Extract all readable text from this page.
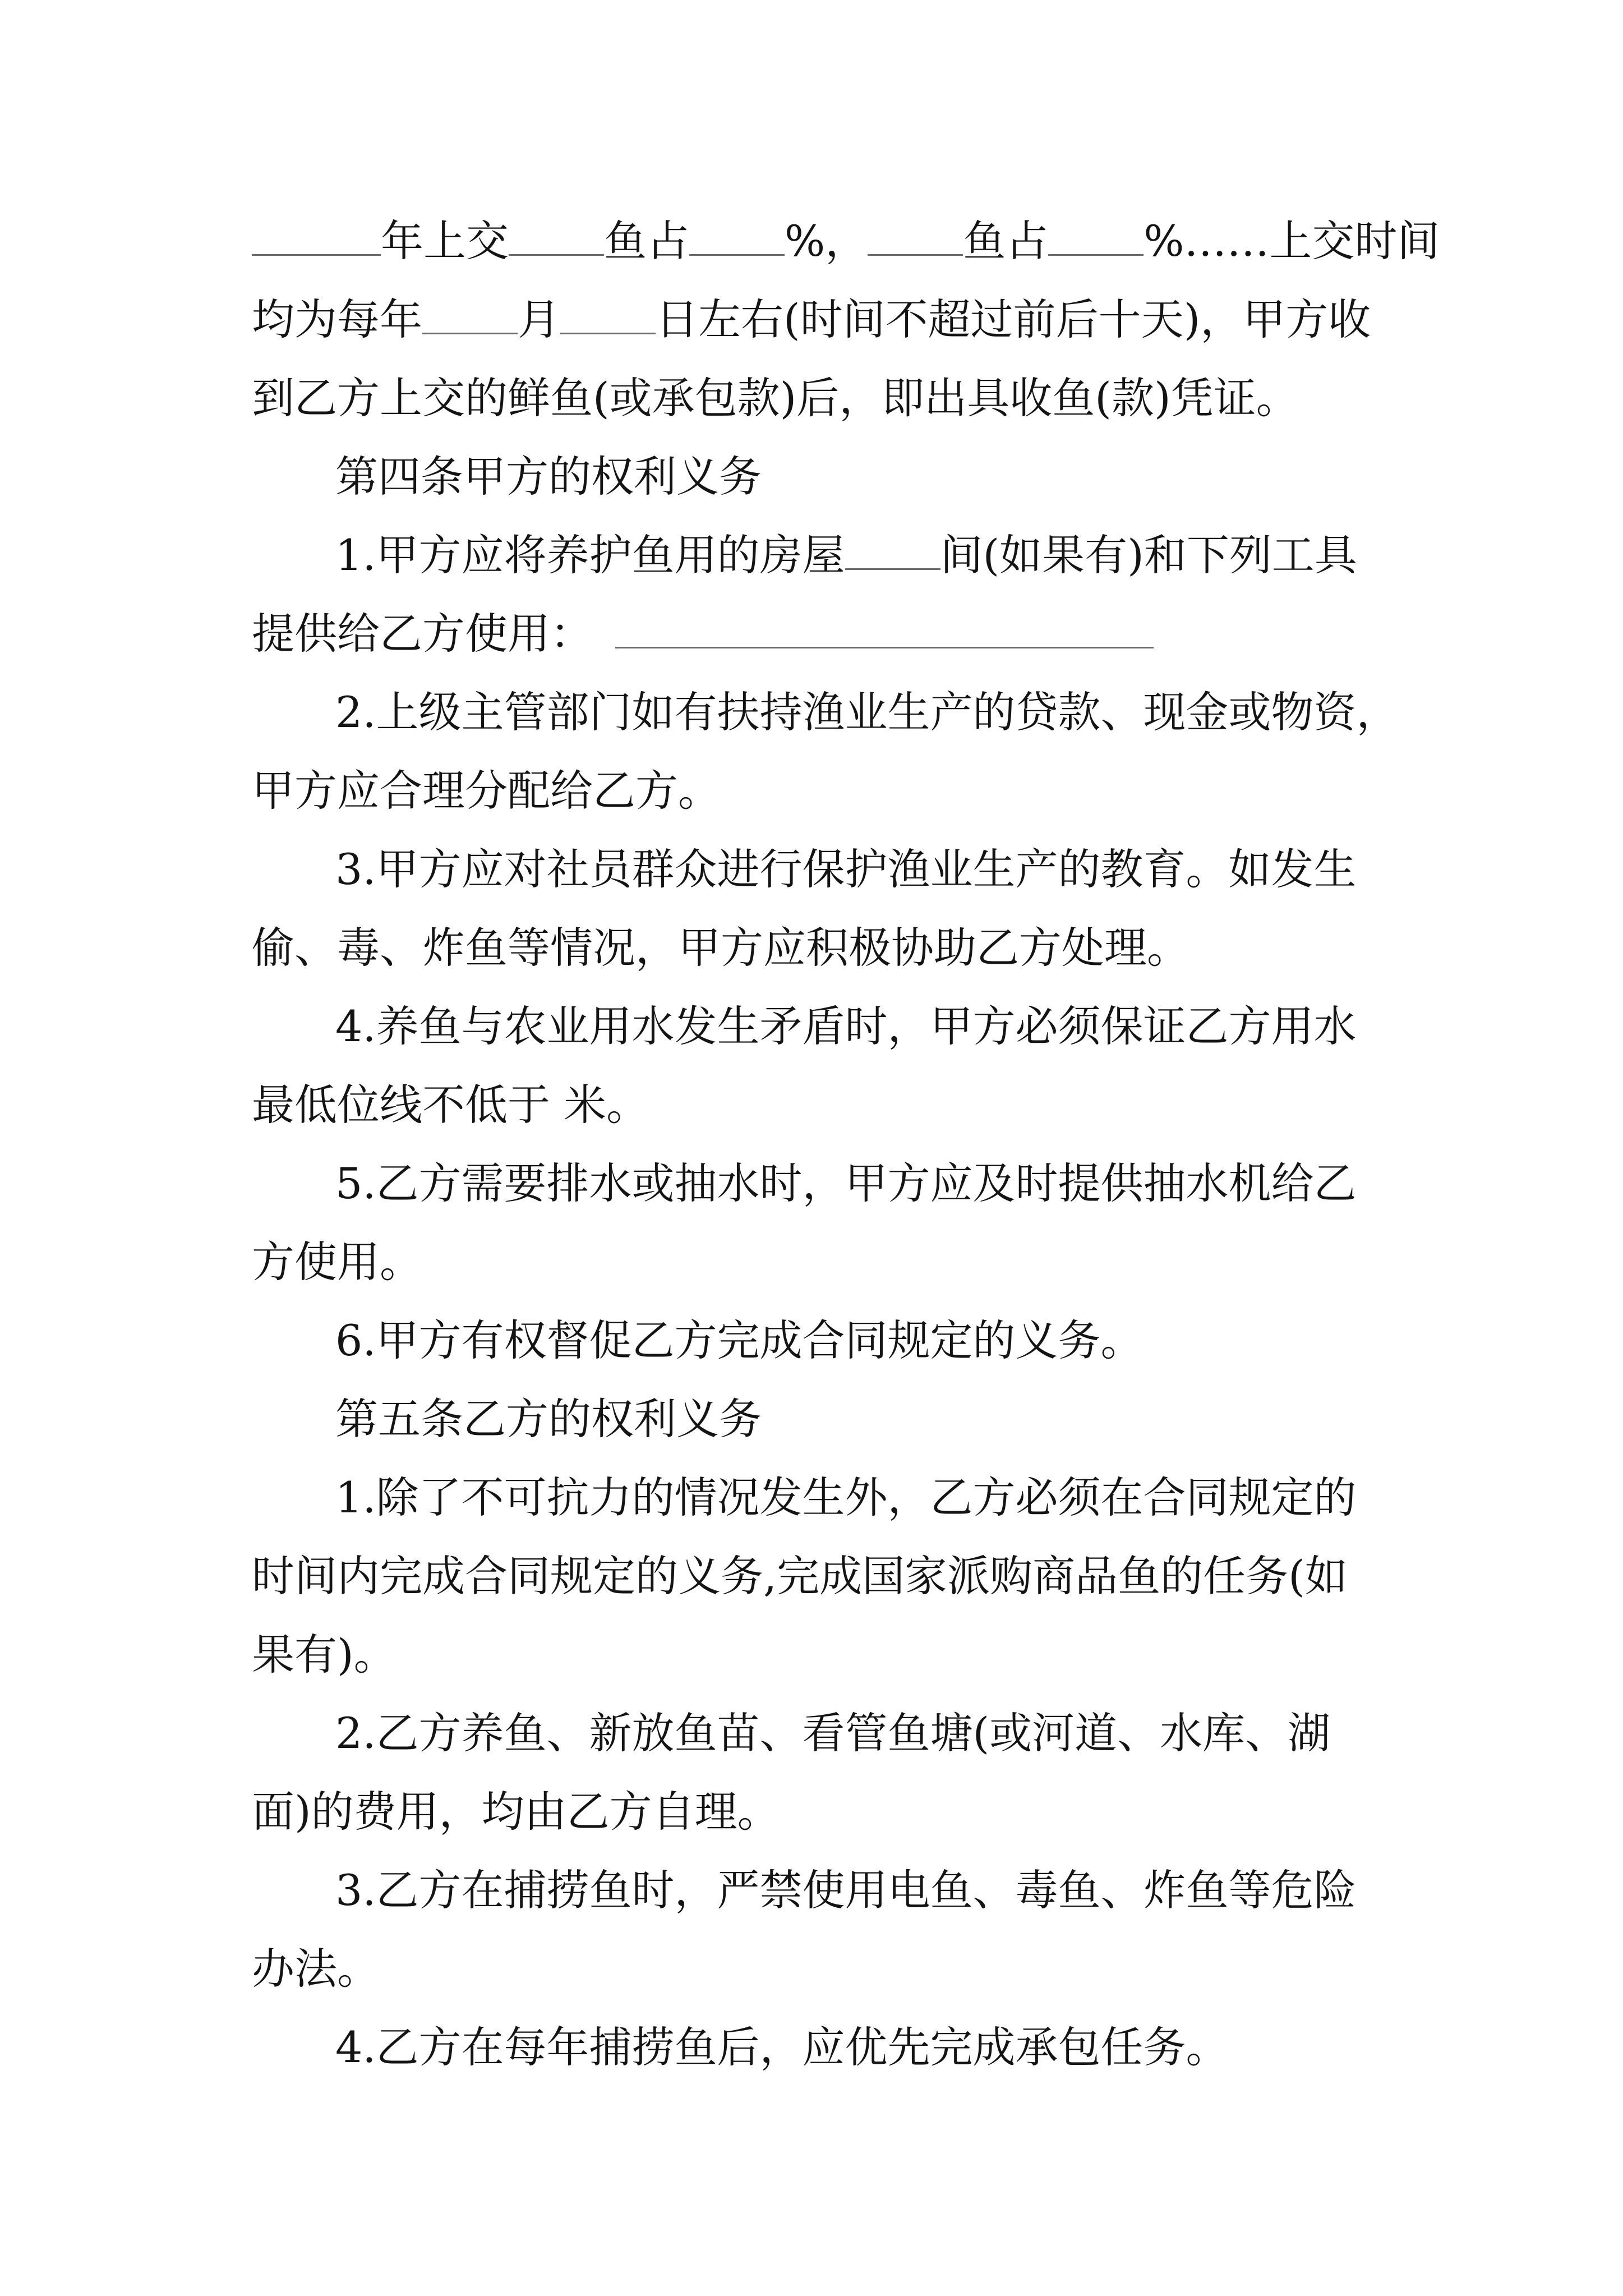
年上交 鱼占 %， 鱼占 %……上交时间
均为每年 月 日左右(时间不超过前后十天)，甲方收
到乙方上交的鲜鱼(或承包款)后，即出具收鱼(款)凭证。
第四条甲方的权利义务
1.甲方应将养护鱼用的房屋 间(如果有)和下列工具
提供给乙方使用：
2.上级主管部门如有扶持渔业生产的贷款、现金或物资，
甲方应合理分配给乙方。
3.甲方应对社员群众进行保护渔业生产的教育。如发生
偷、毒、炸鱼等情况，甲方应积极协助乙方处理。
4.养鱼与农业用水发生矛盾时，甲方必须保证乙方用水
最低位线不低于 米。
5.乙方需要排水或抽水时，甲方应及时提供抽水机给乙
方使用。
6.甲方有权督促乙方完成合同规定的义务。
第五条乙方的权利义务
1.除了不可抗力的情况发生外，乙方必须在合同规定的
时间内完成合同规定的义务,完成国家派购商品鱼的任务(如
果有)。
2.乙方养鱼、新放鱼苗、看管鱼塘(或河道、水库、湖
面)的费用，均由乙方自理。
3.乙方在捕捞鱼时，严禁使用电鱼、毒鱼、炸鱼等危险
办法。
4.乙方在每年捕捞鱼后，应优先完成承包任务。
